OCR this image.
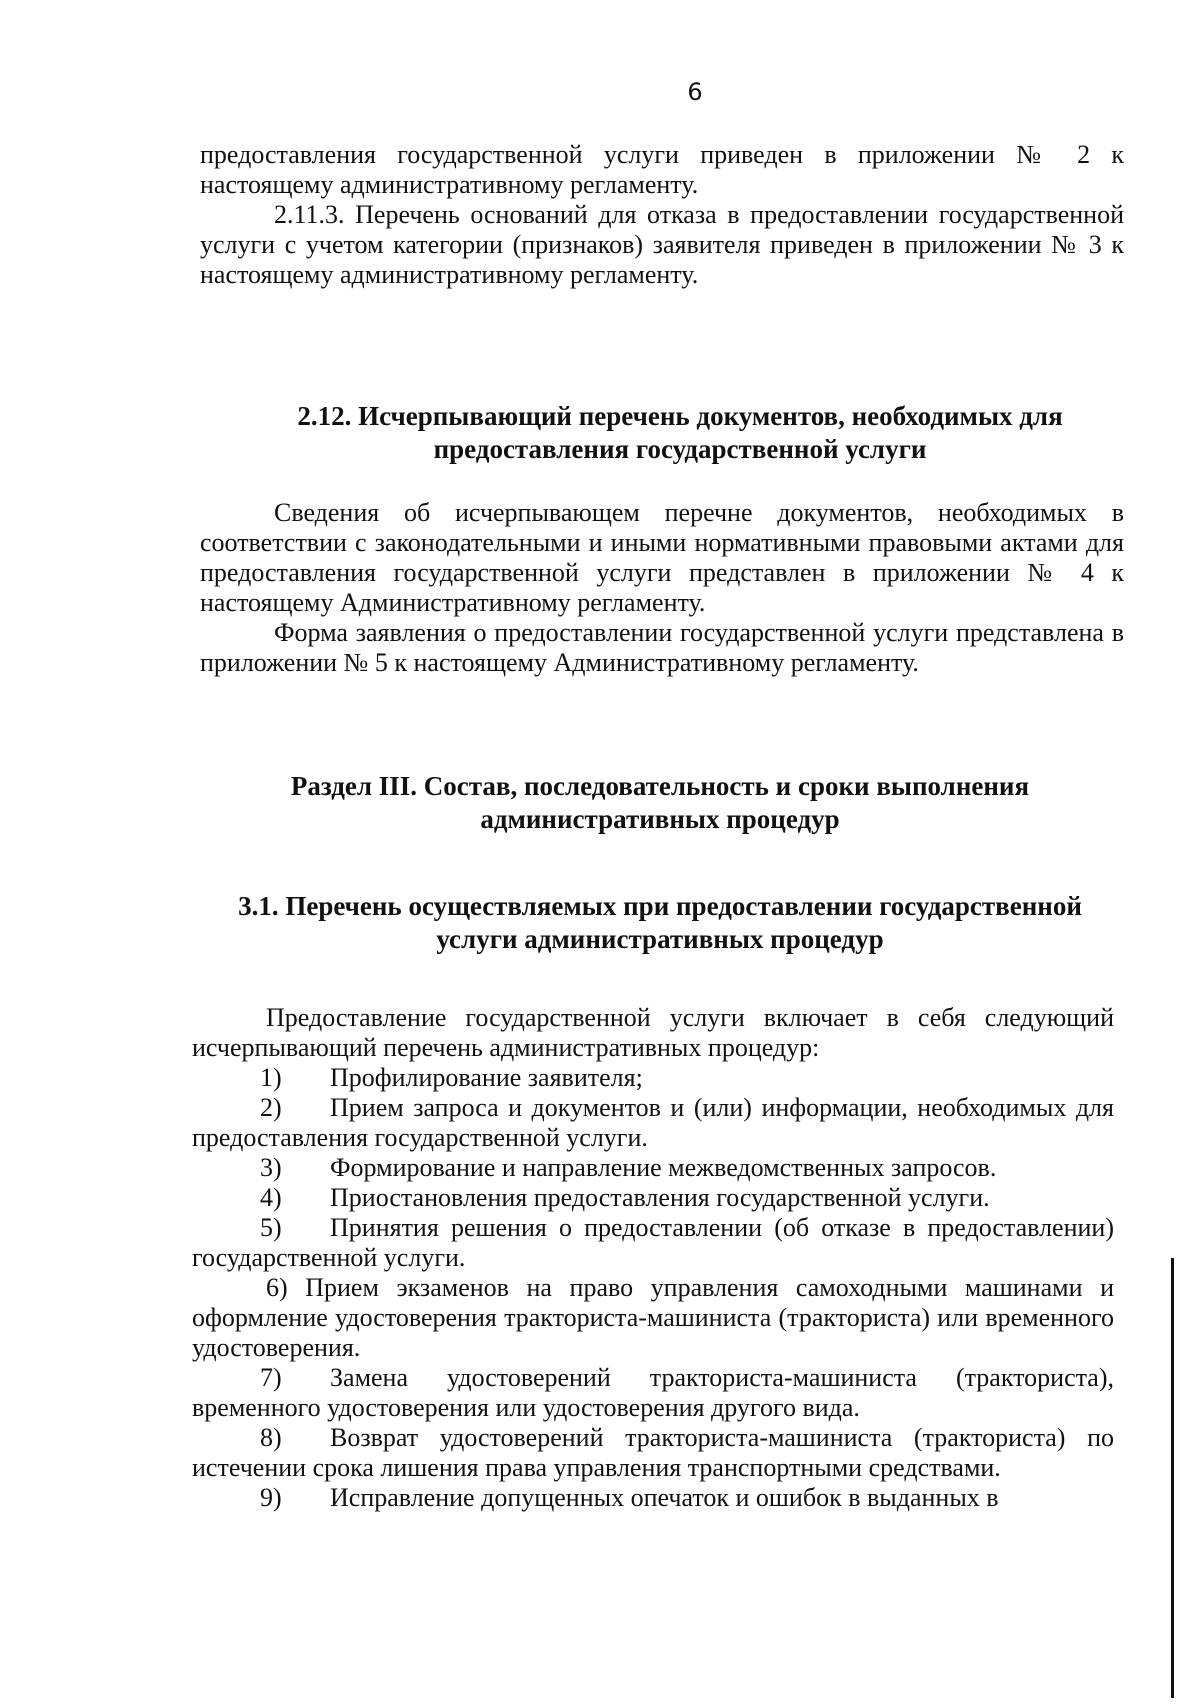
6

предоставления государственной услуги приведен в приложении № 2 к настоящему административному регламенту.

2.11.3. Перечень оснований для отказа в предоставлении государственной услуги с учетом категории (признаков) заявителя приведен в приложении № 3 к настоящему административному регламенту.

2.12. Исчерпывающий перечень документов, необходимых для
предоставления государственной услуги

Сведения об исчерпывающем перечне документов, необходимых в соответствии с законодательными и иными нормативными правовыми актами для предоставления государственной услуги представлен в приложении № 4 к настоящему Административному регламенту.

Форма заявления о предоставлении государственной услуги представлена в приложении № 5 к настоящему Административному регламенту.

Раздел III. Состав, последовательность и сроки выполнения
административных процедур
3.1. Перечень осуществляемых при предоставлении государственной
услуги административных процедур

Предоставление государственной услуги включает в себя следующий исчерпывающий перечень административных процедур:

1) Профилирование заявителя;

2) Прием запроса и документов и (или) информации, необходимых для предоставления государственной услуги.

3) Формирование и направление межведомственных запросов.

4) Приостановления предоставления государственной услуги.

5) Принятия решения о предоставлении (об отказе в предоставлении) государственной услуги.

6) Прием экзаменов на право управления самоходными машинами и оформление удостоверения тракториста-машиниста (тракториста) или временного удостоверения.

7) Замена удостоверений тракториста-машиниста (тракториста), временного удостоверения или удостоверения другого вида.

8) Возврат удостоверений тракториста-машиниста (тракториста) по истечении срока лишения права управления транспортными средствами.

9) Исправление допущенных опечаток и ошибок в выданных в
